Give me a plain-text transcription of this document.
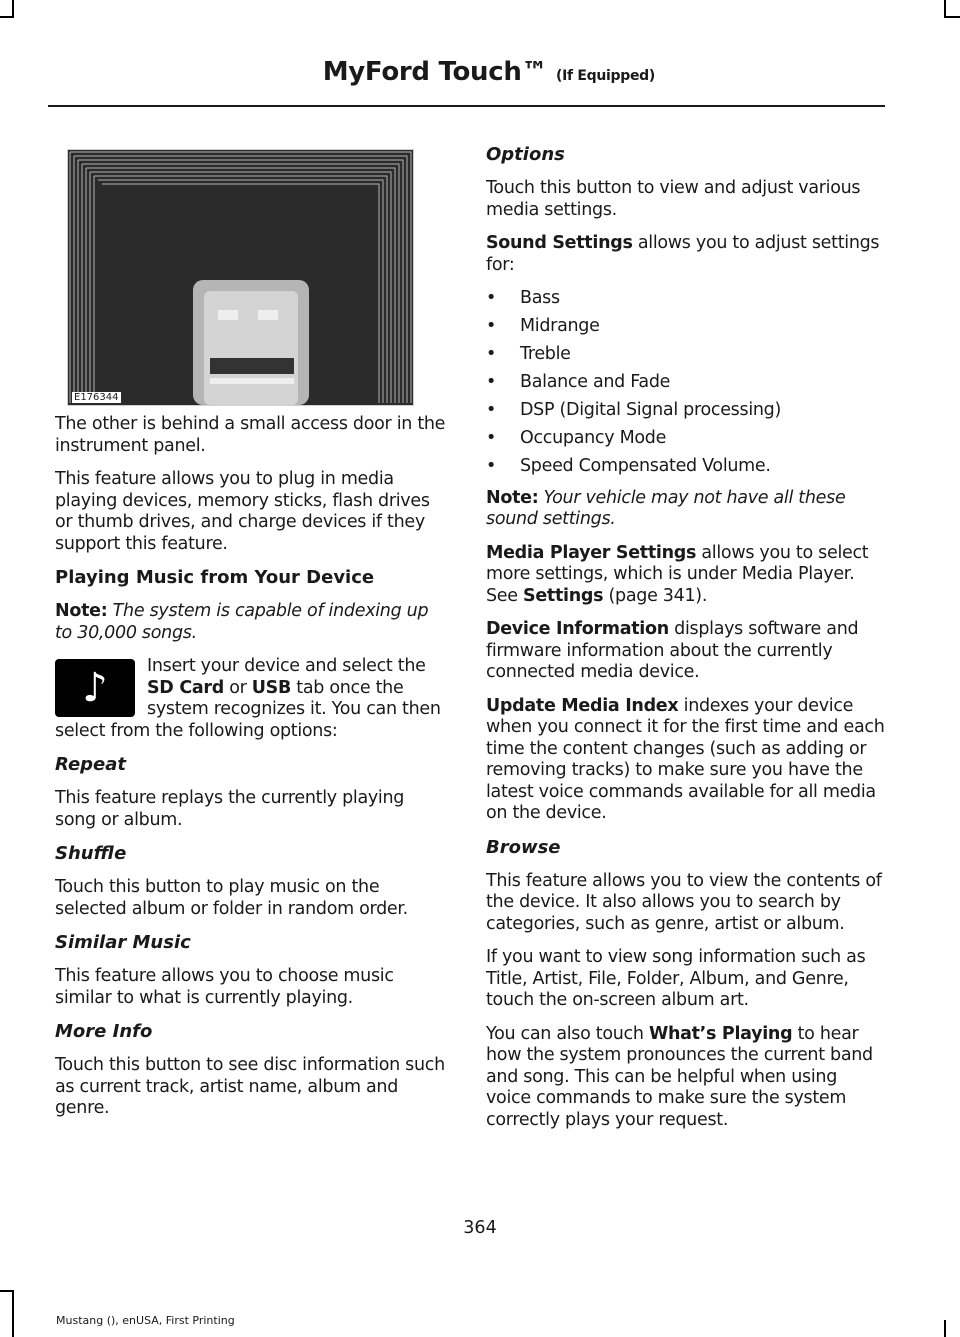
MyFord Touch™ (If Equipped)
E176344

The other is behind a small access door in the instrument panel.

This feature allows you to plug in media playing devices, memory sticks, flash drives or thumb drives, and charge devices if they support this feature.

Playing Music from Your Device

Note: The system is capable of indexing up to 30,000 songs.

♪	Insert your device and select the SD Card or USB tab once the system recognizes it. You can then select from the following options:

Repeat

This feature replays the currently playing song or album.

Shuffle

Touch this button to play music on the selected album or folder in random order.

Similar Music

This feature allows you to choose music similar to what is currently playing.

More Info

Touch this button to see disc information such as current track, artist name, album and genre.

Options

Touch this button to view and adjust various media settings.

Sound Settings allows you to adjust settings for:

• Bass
• Midrange
• Treble
• Balance and Fade
• DSP (Digital Signal processing)
• Occupancy Mode
• Speed Compensated Volume.

Note: Your vehicle may not have all these sound settings.

Media Player Settings allows you to select more settings, which is under Media Player. See Settings (page 341).

Device Information displays software and firmware information about the currently connected media device.

Update Media Index indexes your device when you connect it for the first time and each time the content changes (such as adding or removing tracks) to make sure you have the latest voice commands available for all media on the device.

Browse

This feature allows you to view the contents of the device. It also allows you to search by categories, such as genre, artist or album.

If you want to view song information such as Title, Artist, File, Folder, Album, and Genre, touch the on-screen album art.

You can also touch What’s Playing to hear how the system pronounces the current band and song. This can be helpful when using voice commands to make sure the system correctly plays your request.

364
Mustang (), enUSA, First Printing
